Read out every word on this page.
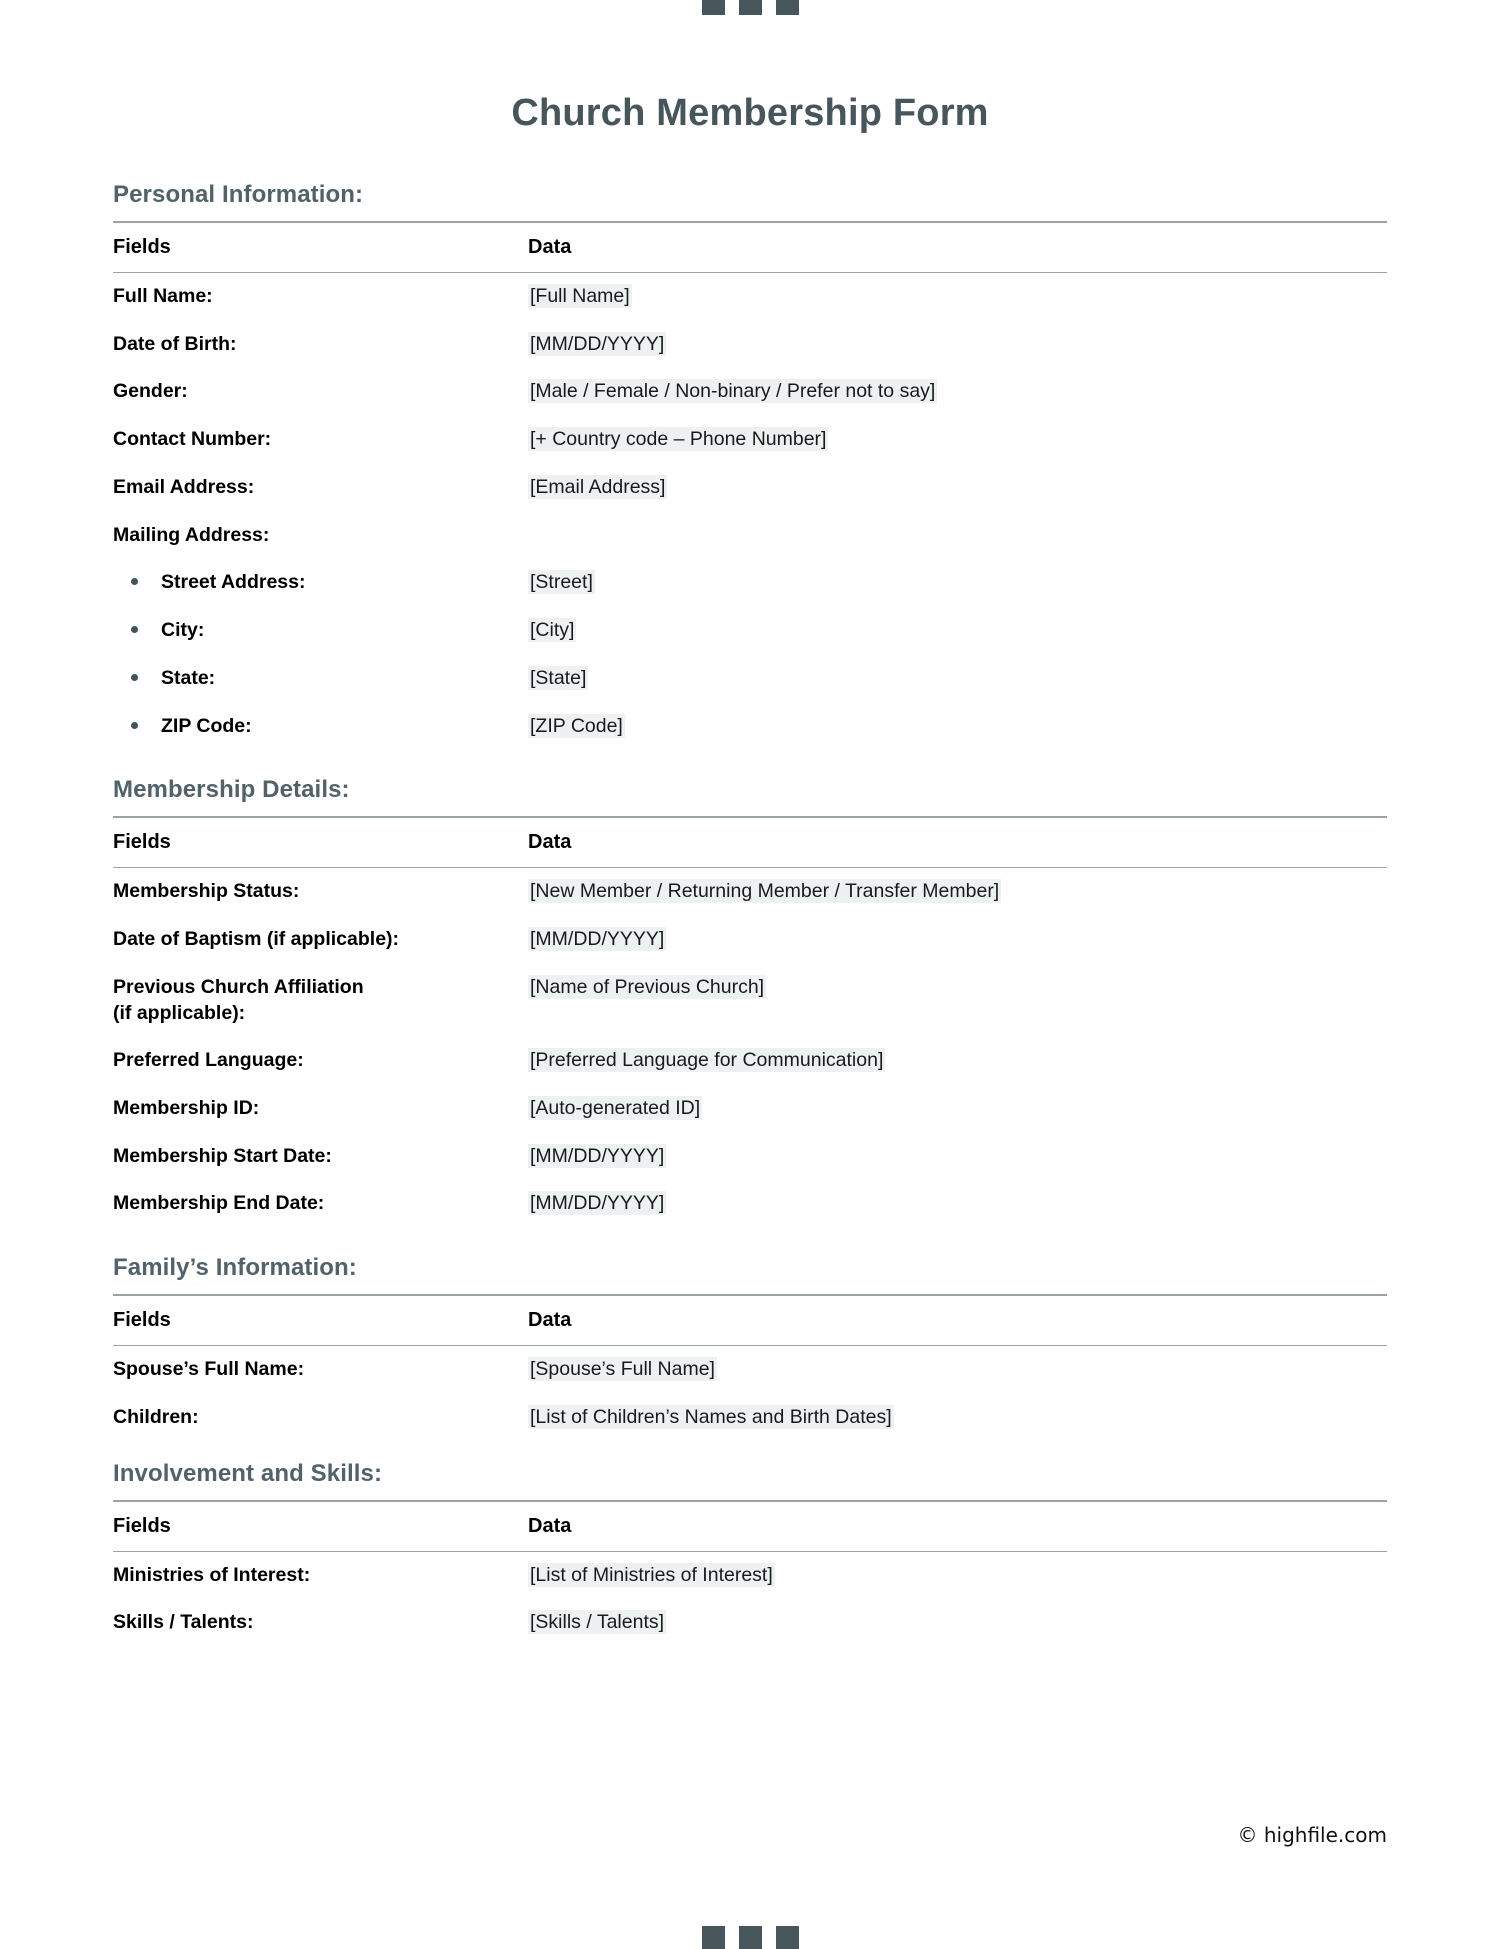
Church Membership Form
Personal Information:
Fields	Data
Full Name:	[Full Name]
Date of Birth:	[MM/DD/YYYY]
Gender:	[Male / Female / Non-binary / Prefer not to say]
Contact Number:	[+ Country code – Phone Number]
Email Address:	[Email Address]
Mailing Address:	

Street Address:	[Street]

City:	[City]

State:	[State]

ZIP Code:	[ZIP Code]
Membership Details:
Fields	Data
Membership Status:	[New Member / Returning Member / Transfer Member]
Date of Baptism (if applicable):	[MM/DD/YYYY]
Previous Church Affiliation
(if applicable):	[Name of Previous Church]
Preferred Language:	[Preferred Language for Communication]
Membership ID:	[Auto-generated ID]
Membership Start Date:	[MM/DD/YYYY]
Membership End Date:	[MM/DD/YYYY]
Family’s Information:
Fields	Data
Spouse’s Full Name:	[Spouse’s Full Name]
Children:	[List of Children’s Names and Birth Dates]
Involvement and Skills:
Fields	Data
Ministries of Interest:	[List of Ministries of Interest]
Skills / Talents:	[Skills / Talents]
© highfile.com
